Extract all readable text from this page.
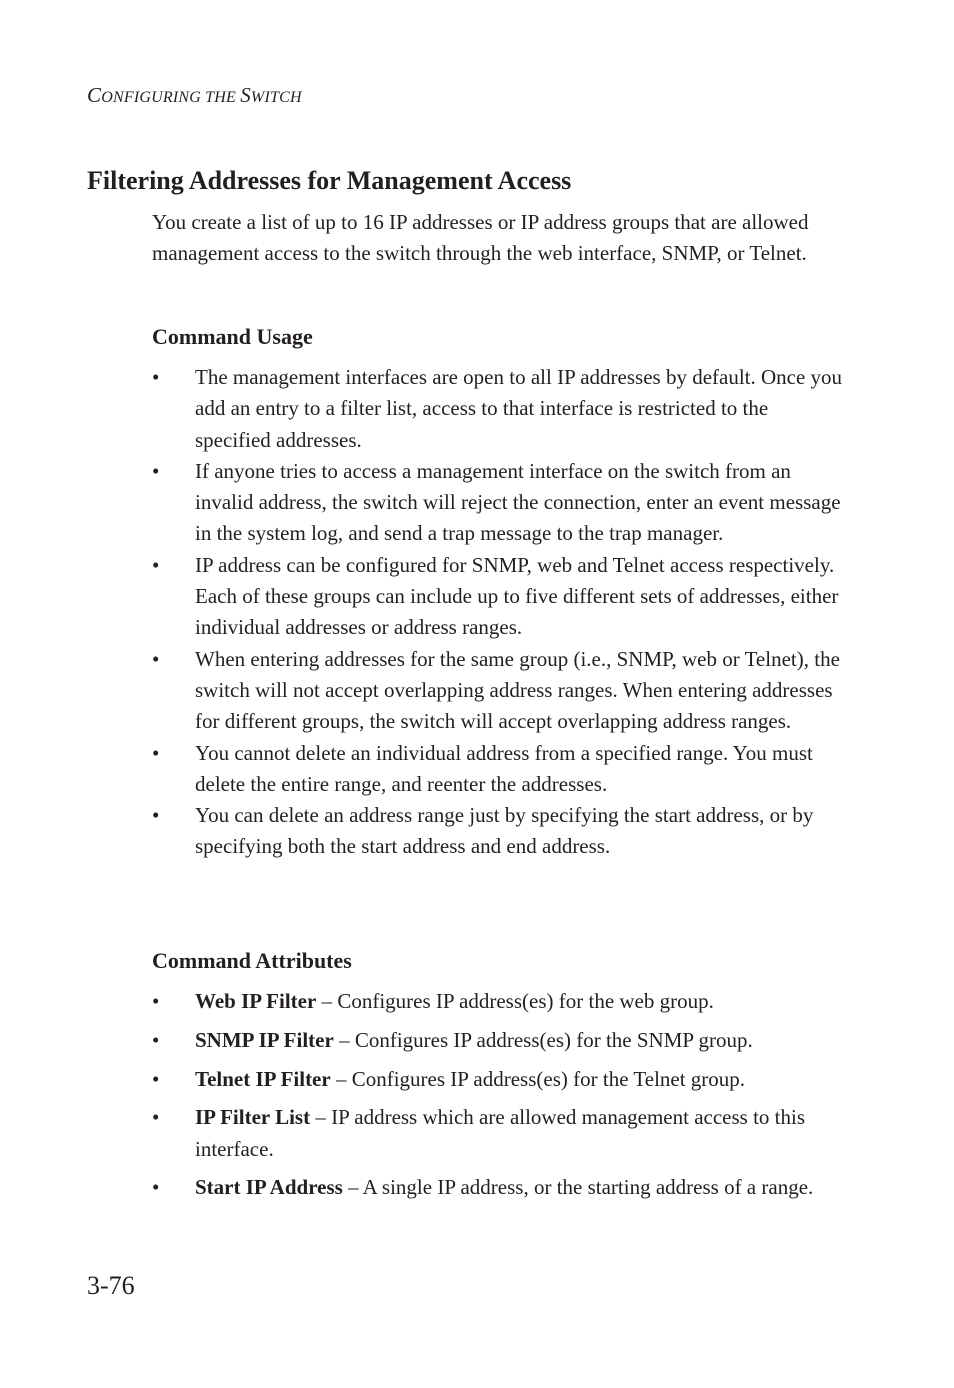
CONFIGURING THE SWITCH
Filtering Addresses for Management Access

You create a list of up to 16 IP addresses or IP address groups that are allowed management access to the switch through the web interface, SNMP, or Telnet.

Command Usage
• The management interfaces are open to all IP addresses by default. Once you add an entry to a filter list, access to that interface is restricted to the specified addresses.
• If anyone tries to access a management interface on the switch from an invalid address, the switch will reject the connection, enter an event message in the system log, and send a trap message to the trap manager.
• IP address can be configured for SNMP, web and Telnet access respectively. Each of these groups can include up to five different sets of addresses, either individual addresses or address ranges.
• When entering addresses for the same group (i.e., SNMP, web or Telnet), the switch will not accept overlapping address ranges. When entering addresses for different groups, the switch will accept overlapping address ranges.
• You cannot delete an individual address from a specified range. You must delete the entire range, and reenter the addresses.
• You can delete an address range just by specifying the start address, or by specifying both the start address and end address.
Command Attributes
• Web IP Filter – Configures IP address(es) for the web group.
• SNMP IP Filter – Configures IP address(es) for the SNMP group.
• Telnet IP Filter – Configures IP address(es) for the Telnet group.
• IP Filter List – IP address which are allowed management access to this interface.
• Start IP Address – A single IP address, or the starting address of a range.
3-76
